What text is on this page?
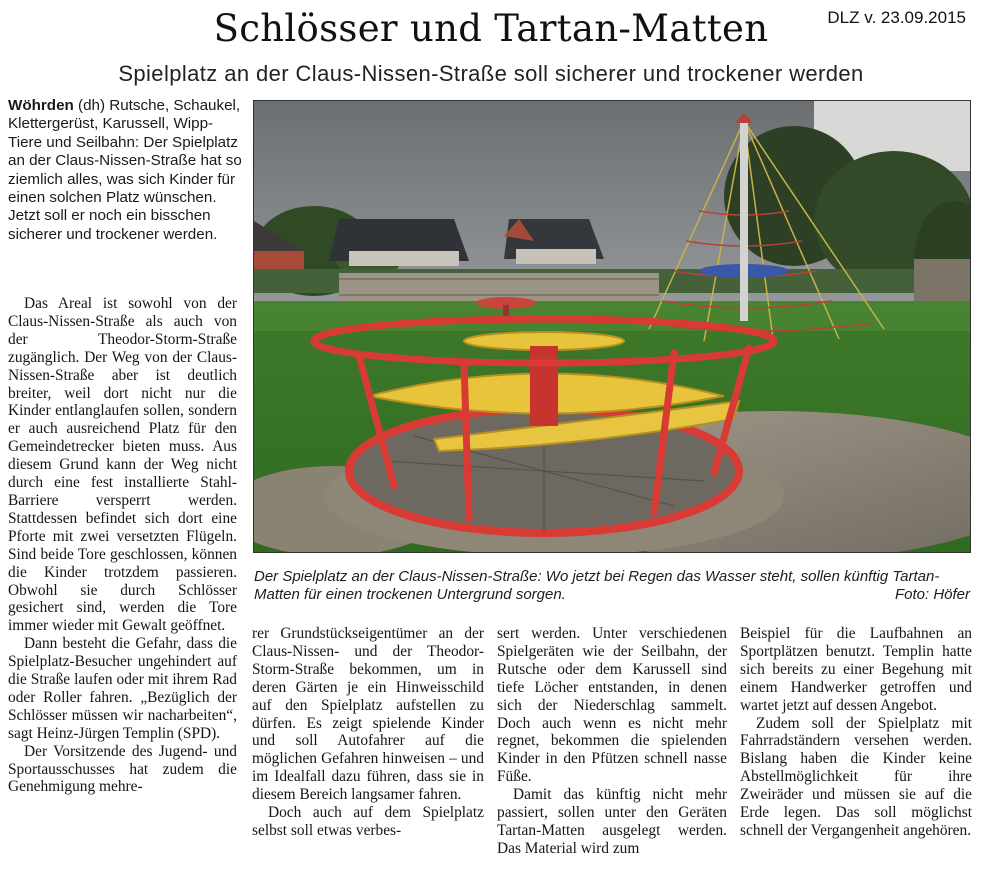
Schlösser und Tartan-Matten	DLZ v. 23.09.2015
Spielplatz an der Claus-Nissen-Straße soll sicherer und trockener werden

Wöhrden (dh) Rutsche, Schaukel, Klettergerüst, Karussell, Wipp-Tiere und Seilbahn: Der Spielplatz an der Claus-Nissen-Straße hat so ziemlich alles, was sich Kinder für einen solchen Platz wünschen. Jetzt soll er noch ein bisschen sicherer und trockener werden.

Der Spielplatz an der Claus-Nissen-Straße: Wo jetzt bei Regen das Wasser steht, sollen künftig Tartan-Matten für einen trockenen Untergrund sorgen.	Foto: Höfer

Das Areal ist sowohl von der Claus-Nissen-Straße als auch von der Theodor-Storm-Straße zugänglich. Der Weg von der Claus-Nissen-Straße aber ist deutlich breiter, weil dort nicht nur die Kinder entlanglaufen sollen, sondern er auch ausreichend Platz für den Gemeindetrecker bieten muss. Aus diesem Grund kann der Weg nicht durch eine fest installierte Stahl-Barriere versperrt werden. Stattdessen befindet sich dort eine Pforte mit zwei versetzten Flügeln. Sind beide Tore geschlossen, können die Kinder trotzdem passieren. Obwohl sie durch Schlösser gesichert sind, werden die Tore immer wieder mit Gewalt geöffnet.

Dann besteht die Gefahr, dass die Spielplatz-Besucher ungehindert auf die Straße laufen oder mit ihrem Rad oder Roller fahren. „Bezüglich der Schlösser müssen wir nacharbeiten“, sagt Heinz-Jürgen Templin (SPD).

Der Vorsitzende des Jugend- und Sportausschusses hat zudem die Genehmigung mehre-

rer Grundstückseigentümer an der Claus-Nissen- und der Theodor-Storm-Straße bekommen, um in deren Gärten je ein Hinweisschild auf den Spielplatz aufstellen zu dürfen. Es zeigt spielende Kinder und soll Autofahrer auf die möglichen Gefahren hinweisen – und im Idealfall dazu führen, dass sie in diesem Bereich langsamer fahren.

Doch auch auf dem Spielplatz selbst soll etwas verbes-

sert werden. Unter verschiedenen Spielgeräten wie der Seilbahn, der Rutsche oder dem Karussell sind tiefe Löcher entstanden, in denen sich der Niederschlag sammelt. Doch auch wenn es nicht mehr regnet, bekommen die spielenden Kinder in den Pfützen schnell nasse Füße.

Damit das künftig nicht mehr passiert, sollen unter den Geräten Tartan-Matten ausgelegt werden. Das Material wird zum

Beispiel für die Laufbahnen an Sportplätzen benutzt. Templin hatte sich bereits zu einer Begehung mit einem Handwerker getroffen und wartet jetzt auf dessen Angebot.

Zudem soll der Spielplatz mit Fahrradständern versehen werden. Bislang haben die Kinder keine Abstellmöglichkeit für ihre Zweiräder und müssen sie auf die Erde legen. Das soll möglichst schnell der Vergangenheit angehören.
